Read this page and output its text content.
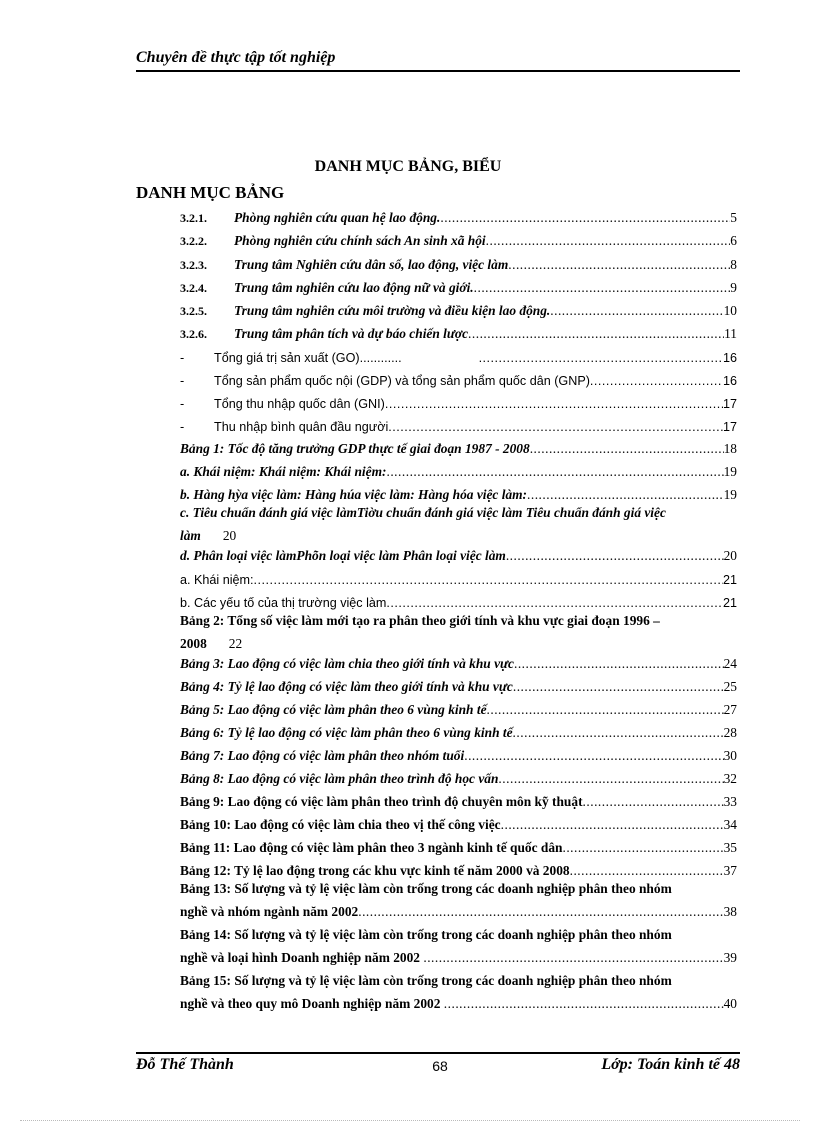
Chuyên đề thực tập tốt nghiệp
DANH MỤC BẢNG, BIỂU
DANH MỤC BẢNG
3.2.1.	Phòng nghiên cứu quan hệ lao động. .....	5
3.2.2.	Phòng nghiên cứu chính sách An sinh xã hội .....	6
3.2.3.	Trung tâm Nghiên cứu dân số, lao động, việc làm .....	8
3.2.4.	Trung tâm nghiên cứu lao động nữ và giới. .....	9
3.2.5.	Trung tâm nghiên cứu môi trường và điều kiện lao động. .....	10
3.2.6.	Trung tâm phân tích và dự báo chiến lược .....	11
-	Tổng giá trị sản xuất (GO)............ .....	16
-	Tổng sản phẩm quốc nội (GDP) và tổng sản phẩm quốc dân (GNP) .....	16
-	Tổng thu nhập quốc dân (GNI) .....	17
-	Thu nhập bình quân đầu người .....	17
Bảng 1: Tốc độ tăng trưởng GDP thực tế giai đoạn 1987 - 2008 .....	18
a. Khái niệm: Khái niệm: Khái niệm: .....	19
b. Hàng hỳa việc làm: Hàng húa việc làm: Hàng hóa việc làm: .....	19
c. Tiêu chuẩn đánh giá việc làmTiờu chuẩn đánh giá việc làm Tiêu chuẩn đánh giá việc
làm	20
d. Phân loại việc làmPhõn loại việc làm Phân loại việc làm .....	20
a. Khái niệm: .....	21
b. Các yếu tố của thị trường việc làm .....	21
Bảng 2: Tổng số việc làm mới tạo ra phân theo giới tính và khu vực giai đoạn 1996 –
2008	22
Bảng 3: Lao động có việc làm chia theo giới tính và khu vực .....	24
Bảng 4: Tỷ lệ lao động có việc làm theo giới tính và khu vực .....	25
Bảng 5: Lao động có việc làm phân theo 6 vùng kinh tế .....	27
Bảng 6: Tỷ lệ lao động có việc làm phân theo 6 vùng kinh tế .....	28
Bảng 7: Lao động có việc làm phân theo nhóm tuổi .....	30
Bảng 8: Lao động có việc làm phân theo trình độ học vấn .....	32
Bảng 9: Lao động có việc làm phân theo trình độ chuyên môn kỹ thuật .....	33
Bảng 10: Lao động có việc làm chia theo vị thế công việc .....	34
Bảng 11: Lao động có việc làm phân theo 3 ngành kinh tế quốc dân .....	35
Bảng 12: Tỷ lệ lao động trong các khu vực kinh tế năm 2000 và 2008 .....	37
Bảng 13: Số lượng và tỷ lệ việc làm còn trống trong các doanh nghiệp phân theo nhóm
nghề và nhóm ngành năm 2002 .....	38
Bảng 14: Số lượng và tỷ lệ việc làm còn trống trong các doanh nghiệp phân theo nhóm
nghề và loại hình Doanh nghiệp năm 2002 .....	39
Bảng 15: Số lượng và tỷ lệ việc làm còn trống trong các doanh nghiệp phân theo nhóm
nghề và theo quy mô Doanh nghiệp năm 2002 .....	40
Đỗ Thế Thành	68	Lớp: Toán kinh tế 48
